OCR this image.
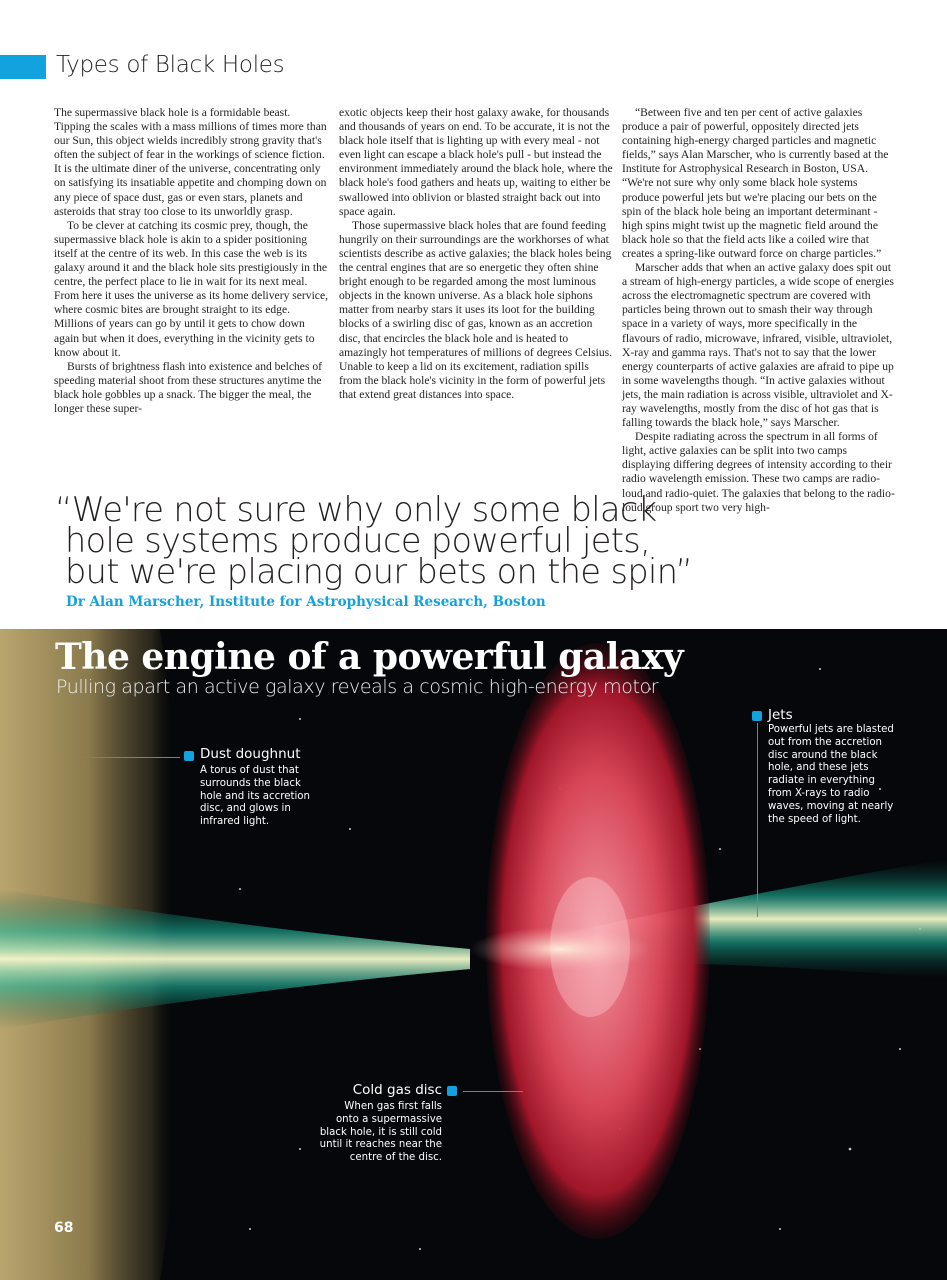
Types of Black Holes

The supermassive black hole is a formidable beast. Tipping the scales with a mass millions of times more than our Sun, this object wields incredibly strong gravity that's often the subject of fear in the workings of science fiction. It is the ultimate diner of the universe, concentrating only on satisfying its insatiable appetite and chomping down on any piece of space dust, gas or even stars, planets and asteroids that stray too close to its unworldly grasp.

To be clever at catching its cosmic prey, though, the supermassive black hole is akin to a spider positioning itself at the centre of its web. In this case the web is its galaxy around it and the black hole sits prestigiously in the centre, the perfect place to lie in wait for its next meal. From here it uses the universe as its home delivery service, where cosmic bites are brought straight to its edge. Millions of years can go by until it gets to chow down again but when it does, everything in the vicinity gets to know about it.

Bursts of brightness flash into existence and belches of speeding material shoot from these structures anytime the black hole gobbles up a snack. The bigger the meal, the longer these super-

exotic objects keep their host galaxy awake, for thousands and thousands of years on end. To be accurate, it is not the black hole itself that is lighting up with every meal - not even light can escape a black hole's pull - but instead the environment immediately around the black hole, where the black hole's food gathers and heats up, waiting to either be swallowed into oblivion or blasted straight back out into space again.

Those supermassive black holes that are found feeding hungrily on their surroundings are the workhorses of what scientists describe as active galaxies; the black holes being the central engines that are so energetic they often shine bright enough to be regarded among the most luminous objects in the known universe. As a black hole siphons matter from nearby stars it uses its loot for the building blocks of a swirling disc of gas, known as an accretion disc, that encircles the black hole and is heated to amazingly hot temperatures of millions of degrees Celsius. Unable to keep a lid on its excitement, radiation spills from the black hole's vicinity in the form of powerful jets that extend great distances into space.

“Between five and ten per cent of active galaxies produce a pair of powerful, oppositely directed jets containing high-energy charged particles and magnetic fields,” says Alan Marscher, who is currently based at the Institute for Astrophysical Research in Boston, USA. “We're not sure why only some black hole systems produce powerful jets but we're placing our bets on the spin of the black hole being an important determinant - high spins might twist up the magnetic field around the black hole so that the field acts like a coiled wire that creates a spring-like outward force on charge particles.”

Marscher adds that when an active galaxy does spit out a stream of high-energy particles, a wide scope of energies across the electromagnetic spectrum are covered with particles being thrown out to smash their way through space in a variety of ways, more specifically in the flavours of radio, microwave, infrared, visible, ultraviolet, X-ray and gamma rays. That's not to say that the lower energy counterparts of active galaxies are afraid to pipe up in some wavelengths though. “In active galaxies without jets, the main radiation is across visible, ultraviolet and X-ray wavelengths, mostly from the disc of hot gas that is falling towards the black hole,” says Marscher.

Despite radiating across the spectrum in all forms of light, active galaxies can be split into two camps displaying differing degrees of intensity according to their radio wavelength emission. These two camps are radio-loud and radio-quiet. The galaxies that belong to the radio-loud group sport two very high-

“We're not sure why only some black
hole systems produce powerful jets,
but we're placing our bets on the spin”
Dr Alan Marscher, Institute for Astrophysical Research, Boston
The engine of a powerful galaxy
Pulling apart an active galaxy reveals a cosmic high-energy motor
Dust doughnut
A torus of dust that
surrounds the black
hole and its accretion
disc, and glows in
infrared light.
Jets
Powerful jets are blasted
out from the accretion
disc around the black
hole, and these jets
radiate in everything
from X-rays to radio
waves, moving at nearly
the speed of light.
Cold gas disc
When gas first falls
onto a supermassive
black hole, it is still cold
until it reaches near the
centre of the disc.
68
